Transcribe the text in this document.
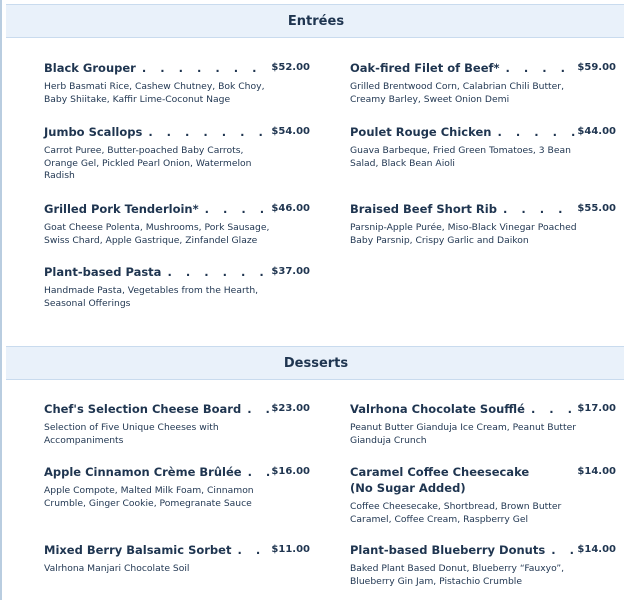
Entrées
Black Grouper . . .	$52.00
Herb Basmati Rice, Cashew Chutney, Bok Choy, Baby Shiitake, Kaffir Lime-Coconut Nage
Oak-fired Filet of Beef* . . .	$59.00
Grilled Brentwood Corn, Calabrian Chili Butter, Creamy Barley, Sweet Onion Demi
Jumbo Scallops . . .	$54.00
Carrot Puree, Butter-poached Baby Carrots, Orange Gel, Pickled Pearl Onion, Watermelon Radish
Poulet Rouge Chicken . . .	$44.00
Guava Barbeque, Fried Green Tomatoes, 3 Bean Salad, Black Bean Aioli
Grilled Pork Tenderloin* . . .	$46.00
Goat Cheese Polenta, Mushrooms, Pork Sausage, Swiss Chard, Apple Gastrique, Zinfandel Glaze
Braised Beef Short Rib . . .	$55.00
Parsnip-Apple Purée, Miso-Black Vinegar Poached Baby Parsnip, Crispy Garlic and Daikon
Plant-based Pasta . . .	$37.00
Handmade Pasta, Vegetables from the Hearth, Seasonal Offerings
Desserts
Chef's Selection Cheese Board . . .	$23.00
Selection of Five Unique Cheeses with Accompaniments
Valrhona Chocolate Soufflé . . .	$17.00
Peanut Butter Gianduja Ice Cream, Peanut Butter Gianduja Crunch
Apple Cinnamon Crème Brûlée . . .	$16.00
Apple Compote, Malted Milk Foam, Cinnamon Crumble, Ginger Cookie, Pomegranate Sauce
Caramel Coffee Cheesecake (No Sugar Added)
$14.00
Coffee Cheesecake, Shortbread, Brown Butter Caramel, Coffee Cream, Raspberry Gel
Mixed Berry Balsamic Sorbet . . .	$11.00
Valrhona Manjari Chocolate Soil
Plant-based Blueberry Donuts . . .	$14.00
Baked Plant Based Donut, Blueberry “Fauxyo”, Blueberry Gin Jam, Pistachio Crumble
